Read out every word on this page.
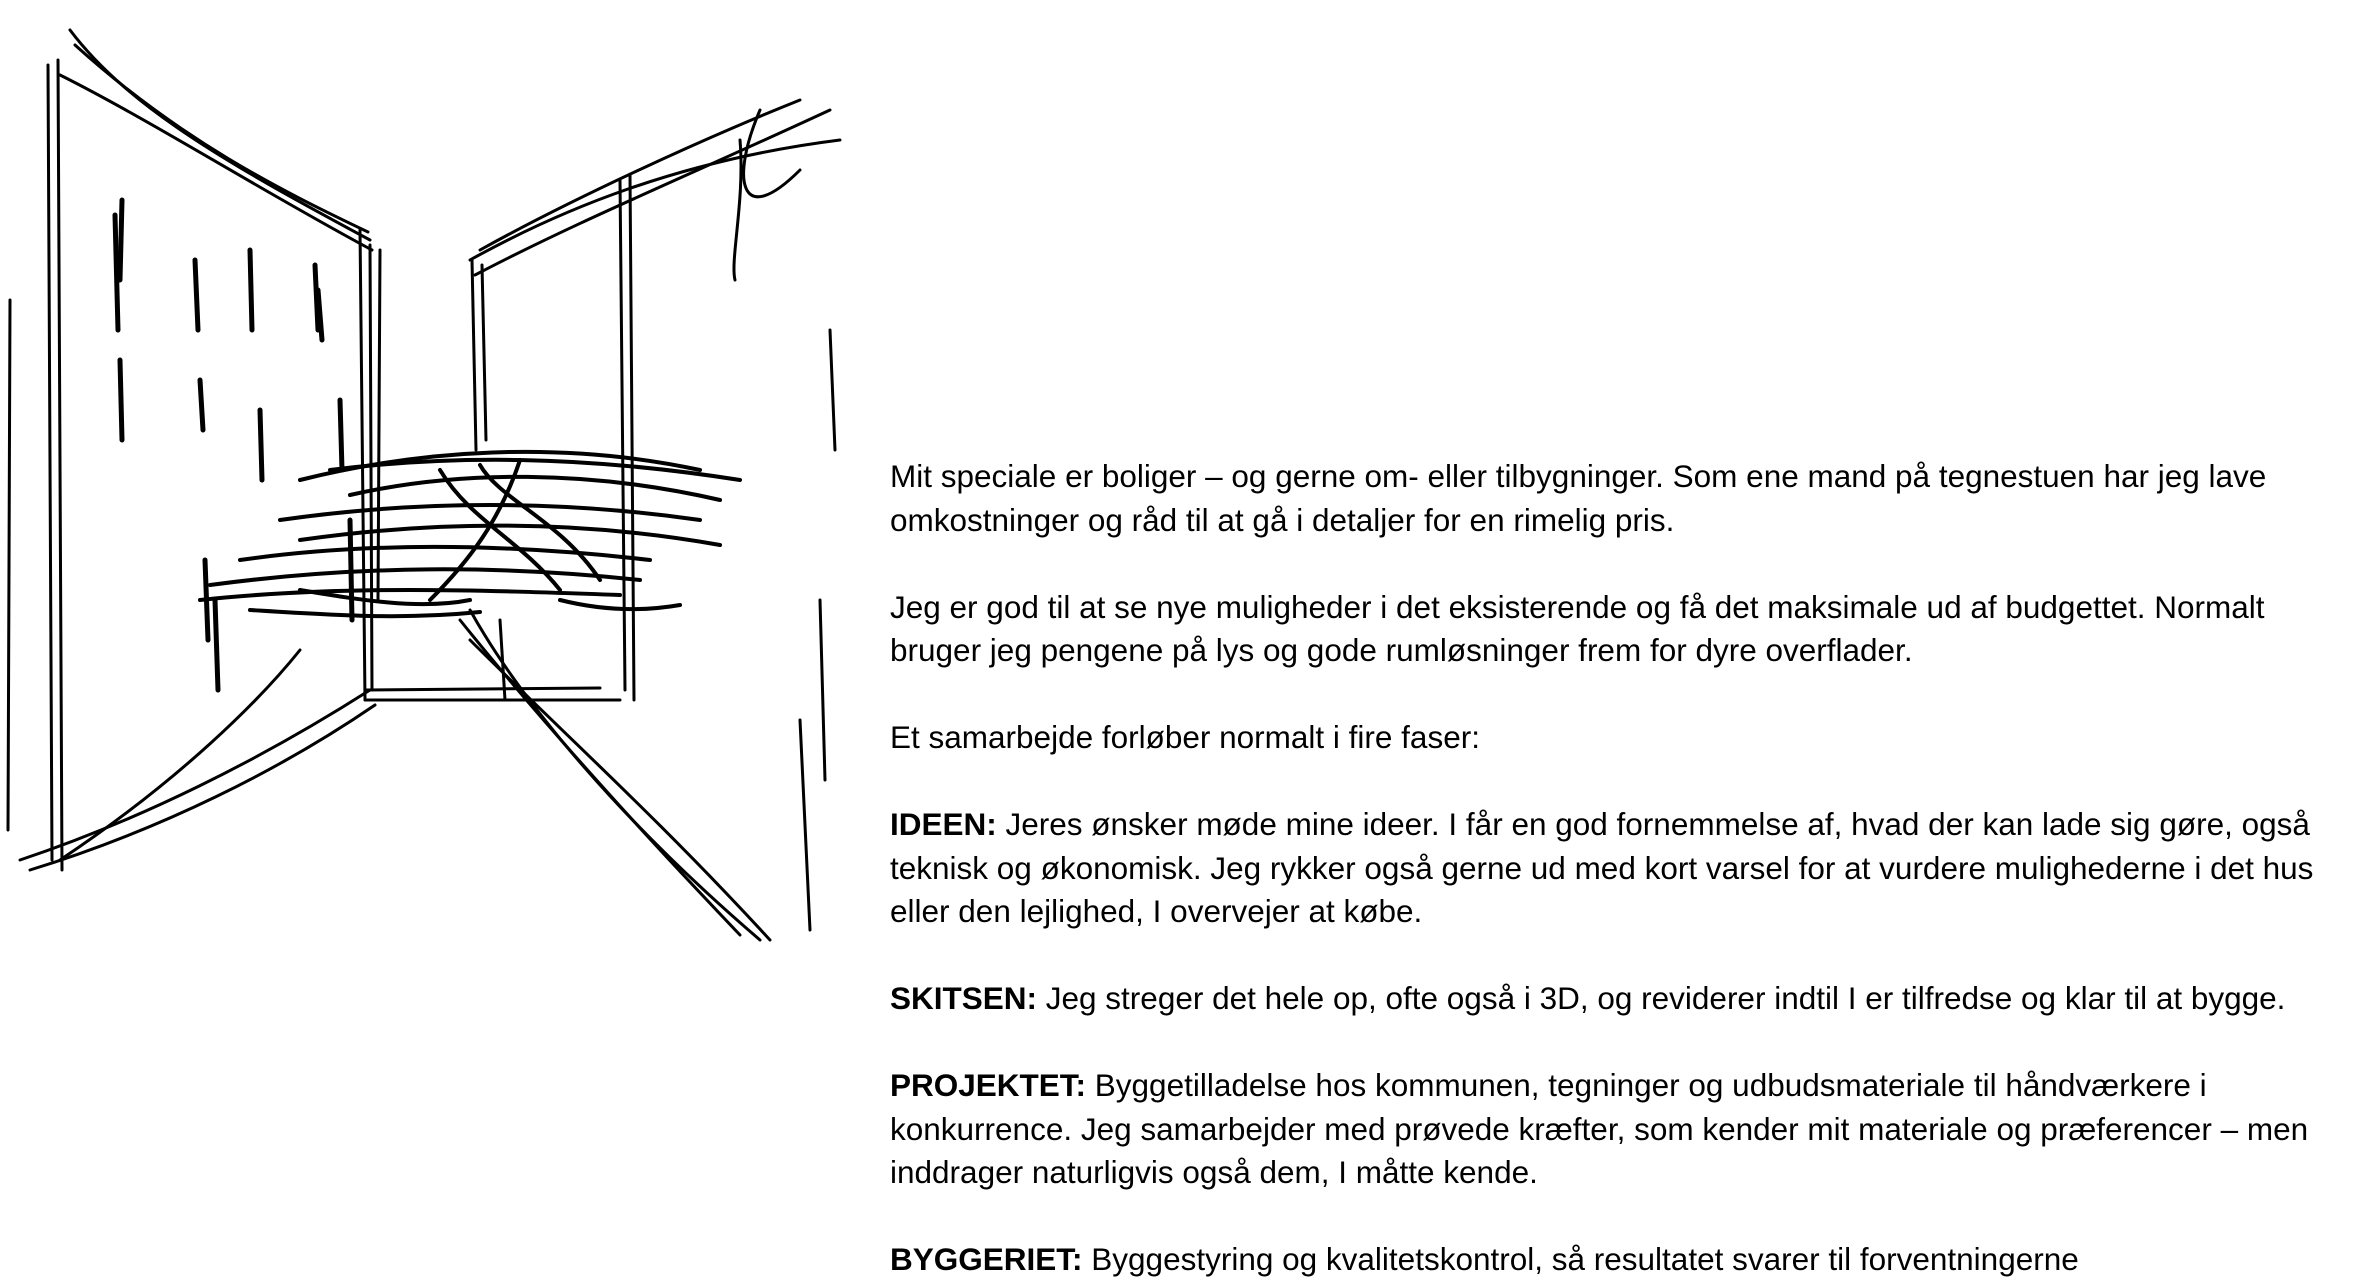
Mit speciale er boliger – og gerne om- eller tilbygninger. Som ene mand på tegnestuen har jeg lave omkostninger og råd til at gå i detaljer for en rimelig pris.

Jeg er god til at se nye muligheder i det eksisterende og få det maksimale ud af budgettet. Normalt bruger jeg pengene på lys og gode rumløsninger frem for dyre overflader.

Et samarbejde forløber normalt i fire faser:

IDEEN: Jeres ønsker møde mine ideer. I får en god fornemmelse af, hvad der kan lade sig gøre, også teknisk og økonomisk. Jeg rykker også gerne ud med kort varsel for at vurdere mulighederne i det hus eller den lejlighed, I overvejer at købe.

SKITSEN: Jeg streger det hele op, ofte også i 3D, og reviderer indtil I er tilfredse og klar til at bygge.

PROJEKTET: Byggetilladelse hos kommunen, tegninger og udbudsmateriale til håndværkere i konkurrence. Jeg samarbejder med prøvede kræfter, som kender mit materiale og præferencer – men inddrager naturligvis også dem, I måtte kende.

BYGGERIET: Byggestyring og kvalitetskontrol, så resultatet svarer til forventningerne
